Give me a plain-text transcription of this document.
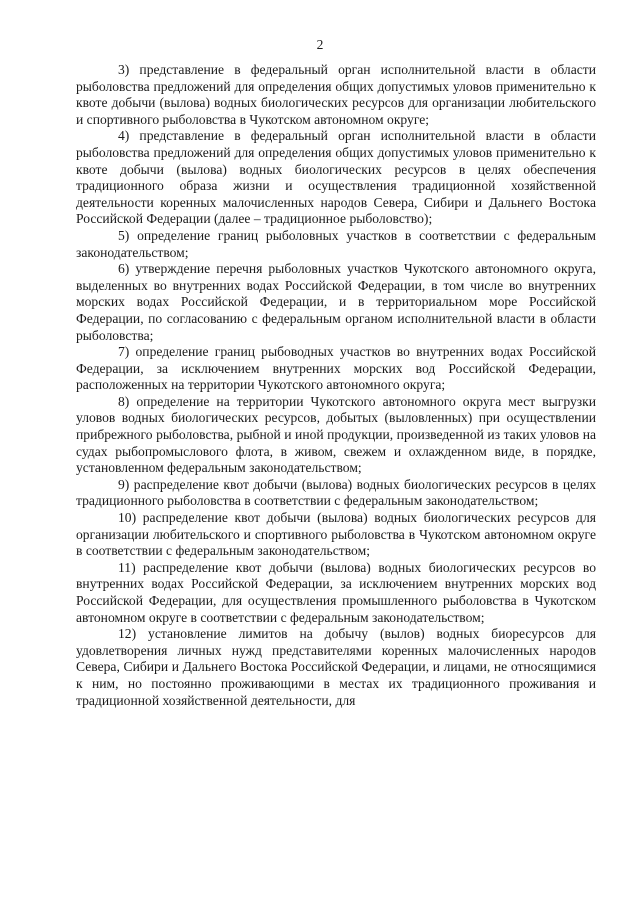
2

3) представление в федеральный орган исполнительной власти в области рыболовства предложений для определения общих допустимых уловов применительно к квоте добычи (вылова) водных биологических ресурсов для организации любительского и спортивного рыболовства в Чукотском автономном округе;

4) представление в федеральный орган исполнительной власти в области рыболовства предложений для определения общих допустимых уловов применительно к квоте добычи (вылова) водных биологических ресурсов в целях обеспечения традиционного образа жизни и осуществления традиционной хозяйственной деятельности коренных малочисленных народов Севера, Сибири и Дальнего Востока Российской Федерации (далее – традиционное рыболовство);

5) определение границ рыболовных участков в соответствии с федеральным законодательством;

6) утверждение перечня рыболовных участков Чукотского автономного округа, выделенных во внутренних водах Российской Федерации, в том числе во внутренних морских водах Российской Федерации, и в территориальном море Российской Федерации, по согласованию с федеральным органом исполнительной власти в области рыболовства;

7) определение границ рыбоводных участков во внутренних водах Российской Федерации, за исключением внутренних морских вод Российской Федерации, расположенных на территории Чукотского автономного округа;

8) определение на территории Чукотского автономного округа мест выгрузки уловов водных биологических ресурсов, добытых (выловленных) при осуществлении прибрежного рыболовства, рыбной и иной продукции, произведенной из таких уловов на судах рыбопромыслового флота, в живом, свежем и охлажденном виде, в порядке, установленном федеральным законодательством;

9) распределение квот добычи (вылова) водных биологических ресурсов в целях традиционного рыболовства в соответствии с федеральным законодательством;

10) распределение квот добычи (вылова) водных биологических ресурсов для организации любительского и спортивного рыболовства в Чукотском автономном округе в соответствии с федеральным законодательством;

11) распределение квот добычи (вылова) водных биологических ресурсов во внутренних водах Российской Федерации, за исключением внутренних морских вод Российской Федерации, для осуществления промышленного рыболовства в Чукотском автономном округе в соответствии с федеральным законодательством;

12) установление лимитов на добычу (вылов) водных биоресурсов для удовлетворения личных нужд представителями коренных малочисленных народов Севера, Сибири и Дальнего Востока Российской Федерации, и лицами, не относящимися к ним, но постоянно проживающими в местах их традиционного проживания и традиционной хозяйственной деятельности, для
